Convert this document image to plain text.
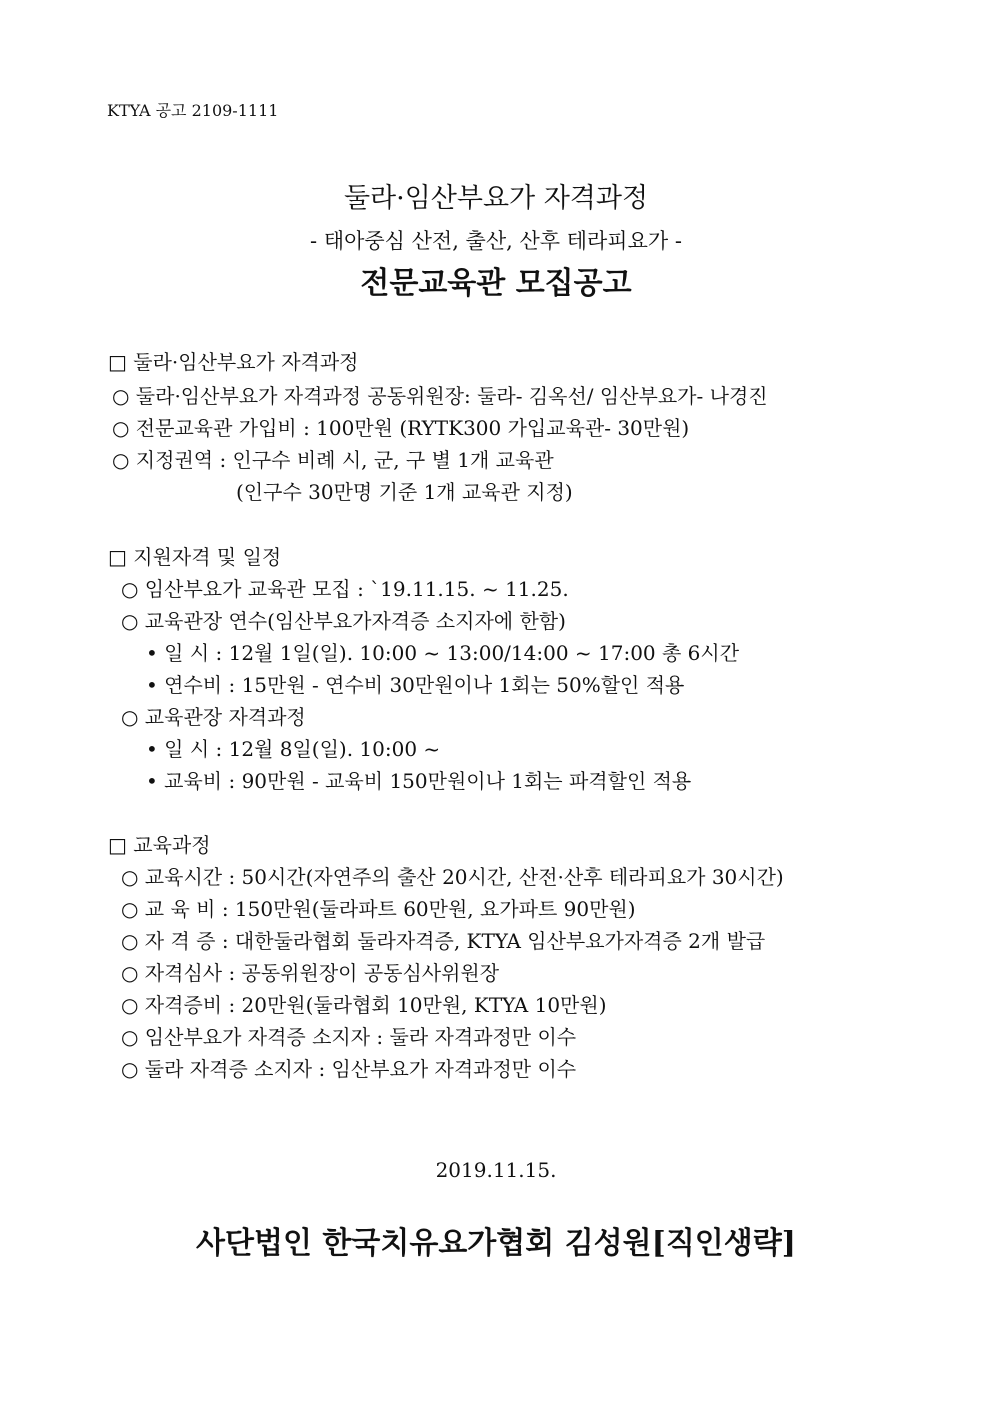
KTYA 공고 2109-1111
둘라·임산부요가 자격과정
- 태아중심 산전, 출산, 산후 테라피요가 -
전문교육관 모집공고
□ 둘라·임산부요가 자격과정
○ 둘라·임산부요가 자격과정 공동위원장: 둘라- 김옥선/ 임산부요가- 나경진
○ 전문교육관 가입비 : 100만원 (RYTK300 가입교육관- 30만원)
○ 지정권역 : 인구수 비례 시, 군, 구 별 1개 교육관
(인구수 30만명 기준 1개 교육관 지정)
□ 지원자격 및 일정
○ 임산부요가 교육관 모집 : `19.11.15. ~ 11.25.
○ 교육관장 연수(임산부요가자격증 소지자에 한함)
• 일 시 : 12월 1일(일). 10:00 ~ 13:00/14:00 ~ 17:00 총 6시간
• 연수비 : 15만원 - 연수비 30만원이나 1회는 50%할인 적용
○ 교육관장 자격과정
• 일 시 : 12월 8일(일). 10:00 ~
• 교육비 : 90만원 - 교육비 150만원이나 1회는 파격할인 적용
□ 교육과정
○ 교육시간 : 50시간(자연주의 출산 20시간, 산전·산후 테라피요가 30시간)
○ 교 육 비 : 150만원(둘라파트 60만원, 요가파트 90만원)
○ 자 격 증 : 대한둘라협회 둘라자격증, KTYA 임산부요가자격증 2개 발급
○ 자격심사 : 공동위원장이 공동심사위원장
○ 자격증비 : 20만원(둘라협회 10만원, KTYA 10만원)
○ 임산부요가 자격증 소지자 : 둘라 자격과정만 이수
○ 둘라 자격증 소지자 : 임산부요가 자격과정만 이수
2019.11.15.
사단법인 한국치유요가협회 김성원[직인생략]
